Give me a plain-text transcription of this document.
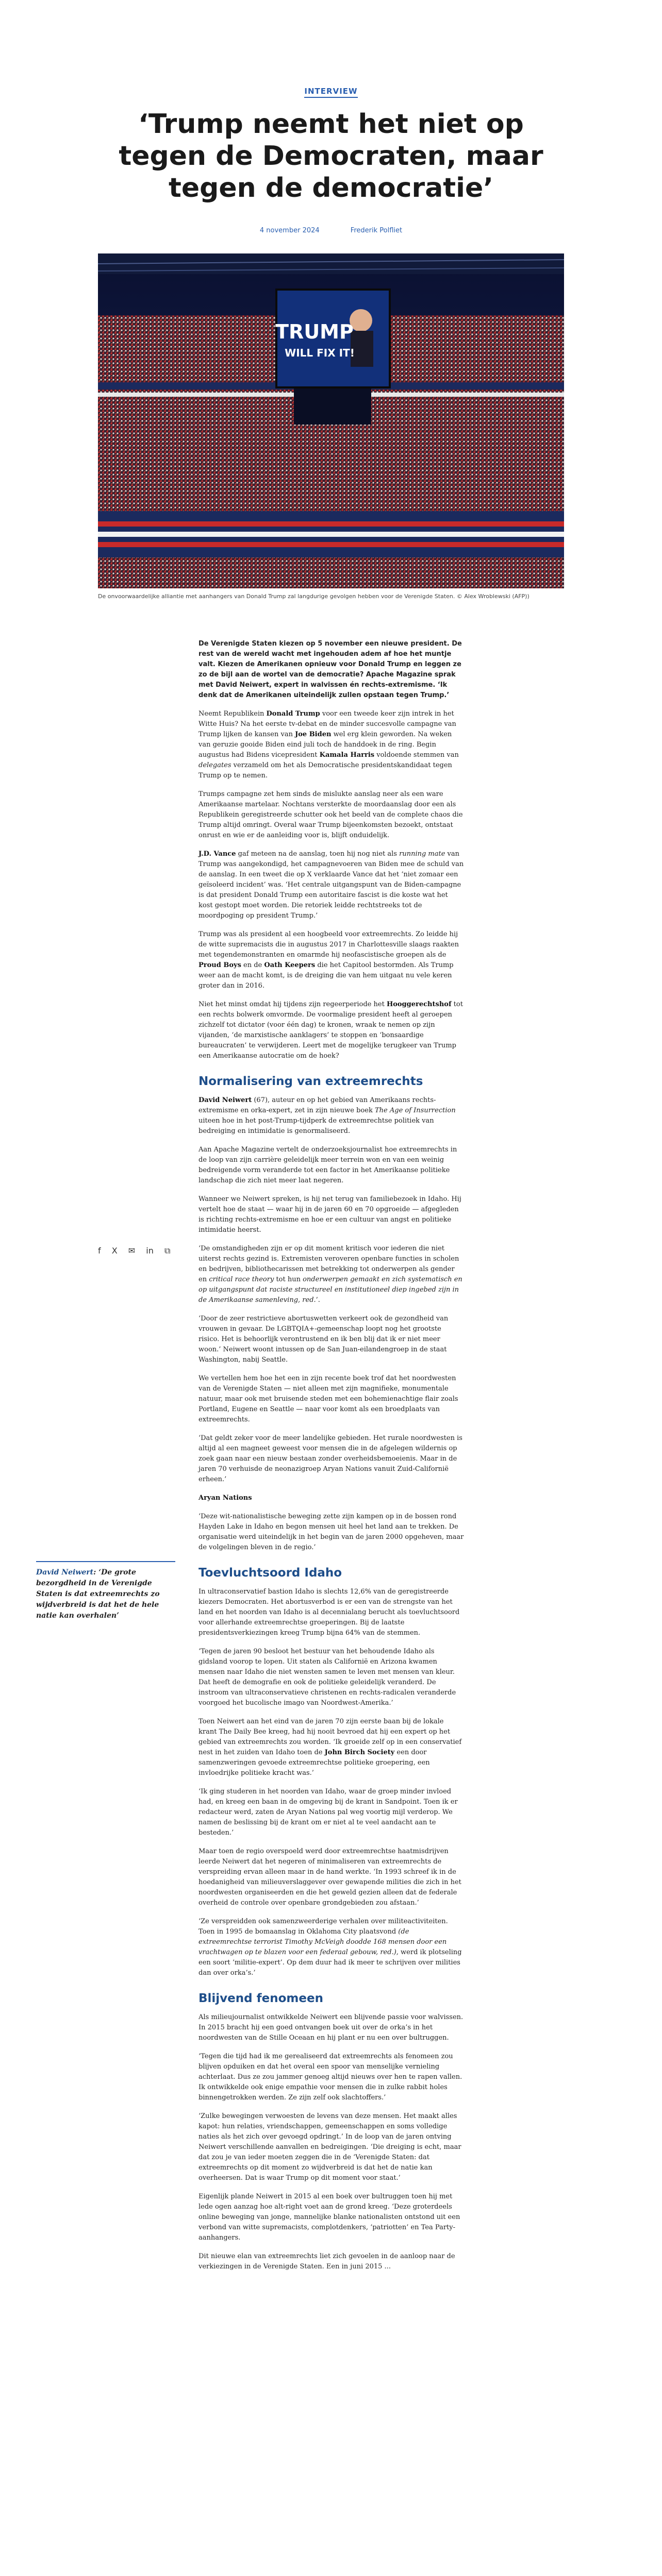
INTERVIEW
‘Trump neemt het niet op tegen de Democraten, maar tegen de democratie’
4 november 2024	Frederik Polfliet
TRUMP
WILL FIX IT!
De onvoorwaardelijke alliantie met aanhangers van Donald Trump zal langdurige gevolgen hebben voor de Verenigde Staten. © Alex Wroblewski (AFP))
f X ✉ in ⧉

De Verenigde Staten kiezen op 5 november een nieuwe president. De rest van de wereld wacht met ingehouden adem af hoe het muntje valt. Kiezen de Amerikanen opnieuw voor Donald Trump en leggen ze zo de bijl aan de wortel van de democratie? Apache Magazine sprak met David Neiwert, expert in walvissen én rechts-extremisme. ‘Ik denk dat de Amerikanen uiteindelijk zullen opstaan tegen Trump.’

Neemt Republikein Donald Trump voor een tweede keer zijn intrek in het Witte Huis? Na het eerste tv-debat en de minder succesvolle campagne van Trump lijken de kansen van Joe Biden wel erg klein geworden. Na weken van geruzie gooide Biden eind juli toch de handdoek in de ring. Begin augustus had Bidens vicepresident Kamala Harris voldoende stemmen van delegates verzameld om het als Democratische presidentskandidaat tegen Trump op te nemen.

Trumps campagne zet hem sinds de mislukte aanslag neer als een ware Amerikaanse martelaar. Nochtans versterkte de moordaanslag door een als Republikein geregistreerde schutter ook het beeld van de complete chaos die Trump altijd omringt. Overal waar Trump bijeenkomsten bezoekt, ontstaat onrust en wie er de aanleiding voor is, blijft onduidelijk.

J.D. Vance gaf meteen na de aanslag, toen hij nog niet als running mate van Trump was aangekondigd, het campagnevoeren van Biden mee de schuld van de aanslag. In een tweet die op X verklaarde Vance dat het ‘niet zomaar een geïsoleerd incident’ was. ‘Het centrale uitgangspunt van de Biden-campagne is dat president Donald Trump een autoritaire fascist is die koste wat het kost gestopt moet worden. Die retoriek leidde rechtstreeks tot de moordpoging op president Trump.’

Trump was als president al een hoogbeeld voor extreemrechts. Zo leidde hij de witte supremacists die in augustus 2017 in Charlottesville slaags raakten met tegendemonstranten en omarmde hij neofascistische groepen als de Proud Boys en de Oath Keepers die het Capitool bestormden. Als Trump weer aan de macht komt, is de dreiging die van hem uitgaat nu vele keren groter dan in 2016.

Niet het minst omdat hij tijdens zijn regeerperiode het Hooggerechtshof tot een rechts bolwerk omvormde. De voormalige president heeft al geroepen zichzelf tot dictator (voor één dag) te kronen, wraak te nemen op zijn vijanden, ‘de marxistische aanklagers’ te stoppen en ‘bonsaardige bureaucraten’ te verwijderen. Leert met de mogelijke terugkeer van Trump een Amerikaanse autocratie om de hoek?

Normalisering van extreemrechts

David Neiwert (67), auteur en op het gebied van Amerikaans rechts-extremisme en orka-expert, zet in zijn nieuwe boek The Age of Insurrection uiteen hoe in het post-Trump-tijdperk de extreemrechtse politiek van bedreiging en intimidatie is genormaliseerd.

Aan Apache Magazine vertelt de onderzoeksjournalist hoe extreemrechts in de loop van zijn carrière geleidelijk meer terrein won en van een weinig bedreigende vorm veranderde tot een factor in het Amerikaanse politieke landschap die zich niet meer laat negeren.

Wanneer we Neiwert spreken, is hij net terug van familiebezoek in Idaho. Hij vertelt hoe de staat — waar hij in de jaren 60 en 70 opgroeide — afgegleden is richting rechts-extremisme en hoe er een cultuur van angst en politieke intimidatie heerst.

‘De omstandigheden zijn er op dit moment kritisch voor iederen die niet uiterst rechts gezind is. Extremisten veroveren openbare functies in scholen en bedrijven, bibliothecarissen met betrekking tot onderwerpen als gender en critical race theory tot hun onderwerpen gemaakt en zich systematisch en op uitgangspunt dat raciste structureel en institutioneel diep ingebed zijn in de Amerikaanse samenleving, red.’.

‘Door de zeer restrictieve abortuswetten verkeert ook de gezondheid van vrouwen in gevaar. De LGBTQIA+-gemeenschap loopt nog het grootste risico. Het is behoorlijk verontrustend en ik ben blij dat ik er niet meer woon.’ Neiwert woont intussen op de San Juan-eilandengroep in de staat Washington, nabij Seattle.

We vertellen hem hoe het een in zijn recente boek trof dat het noordwesten van de Verenigde Staten — niet alleen met zijn magnifieke, monumentale natuur, maar ook met bruisende steden met een bohemienachtige flair zoals Portland, Eugene en Seattle — naar voor komt als een broedplaats van extreemrechts.

‘Dat geldt zeker voor de meer landelijke gebieden. Het rurale noordwesten is altijd al een magneet geweest voor mensen die in de afgelegen wildernis op zoek gaan naar een nieuw bestaan zonder overheidsbemoeienis. Maar in de jaren 70 verhuisde de neonazigroep Aryan Nations vanuit Zuid-Californië erheen.’

Aryan Nations

‘Deze wit-nationalistische beweging zette zijn kampen op in de bossen rond Hayden Lake in Idaho en begon mensen uit heel het land aan te trekken. De organisatie werd uiteindelijk in het begin van de jaren 2000 opgeheven, maar de volgelingen bleven in de regio.’

Toevluchtsoord Idaho

In ultraconservatief bastion Idaho is slechts 12,6% van de geregistreerde kiezers Democraten. Het abortusverbod is er een van de strengste van het land en het noorden van Idaho is al decennialang berucht als toevluchtsoord voor allerhande extreemrechtse groeperingen. Bij de laatste presidentsverkiezingen kreeg Trump bijna 64% van de stemmen.

‘Tegen de jaren 90 besloot het bestuur van het behoudende Idaho als gidsland voorop te lopen. Uit staten als Californië en Arizona kwamen mensen naar Idaho die niet wensten samen te leven met mensen van kleur. Dat heeft de demografie en ook de politieke geleidelijk veranderd. De instroom van ultraconservatieve christenen en rechts-radicalen veranderde voorgoed het bucolische imago van Noordwest-Amerika.’

Toen Neiwert aan het eind van de jaren 70 zijn eerste baan bij de lokale krant The Daily Bee kreeg, had hij nooit bevroed dat hij een expert op het gebied van extreemrechts zou worden. ‘Ik groeide zelf op in een conservatief nest in het zuiden van Idaho toen de John Birch Society een door samenzweringen gevoede extreemrechtse politieke groepering, een invloedrijke politieke kracht was.’

‘Ik ging studeren in het noorden van Idaho, waar de groep minder invloed had, en kreeg een baan in de omgeving bij de krant in Sandpoint. Toen ik er redacteur werd, zaten de Aryan Nations pal weg voortig mijl verderop. We namen de beslissing bij de krant om er niet al te veel aandacht aan te besteden.’

Maar toen de regio overspoeld werd door extreemrechtse haatmisdrijven leerde Neiwert dat het negeren of minimaliseren van extreemrechts de verspreiding ervan alleen maar in de hand werkte. ‘In 1993 schreef ik in de hoedanigheid van milieuverslaggever over gewapende milities die zich in het noordwesten organiseerden en die het geweld gezien alleen dat de federale overheid de controle over openbare grondgebieden zou afstaan.’

‘Ze verspreidden ook samenzweerderige verhalen over militeactiviteiten. Toen in 1995 de bomaanslag in Oklahoma City plaatsvond (de extreemrechtse terrorist Timothy McVeigh doodde 168 mensen door een vrachtwagen op te blazen voor een federaal gebouw, red.), werd ik plotseling een soort ‘militie-expert’. Op dem duur had ik meer te schrijven over milities dan over orka’s.’

Blijvend fenomeen

Als milieujournalist ontwikkelde Neiwert een blijvende passie voor walvissen. In 2015 bracht hij een goed ontvangen boek uit over de orka’s in het noordwesten van de Stille Oceaan en hij plant er nu een over bultruggen.

‘Tegen die tijd had ik me gerealiseerd dat extreemrechts als fenomeen zou blijven opduiken en dat het overal een spoor van menselijke vernieling achterlaat. Dus ze zou jammer genoeg altijd nieuws over hen te rapen vallen. Ik ontwikkelde ook enige empathie voor mensen die in zulke rabbit holes binnengetrokken werden. Ze zijn zelf ook slachtoffers.’

‘Zulke bewegingen verwoesten de levens van deze mensen. Het maakt alles kapot: hun relaties, vriendschappen, gemeenschappen en soms volledige naties als het zich over gevoegd opdringt.’ In de loop van de jaren ontving Neiwert verschillende aanvallen en bedreigingen. ‘Die dreiging is echt, maar dat zou je van ieder moeten zeggen die in de ‘Verenigde Staten: dat extreemrechts op dit moment zo wijdverbreid is dat het de natie kan overheersen. Dat is waar Trump op dit moment voor staat.’

Eigenlijk plande Neiwert in 2015 al een boek over bultruggen toen hij met lede ogen aanzag hoe alt-right voet aan de grond kreeg. ‘Deze groterdeels online beweging van jonge, mannelijke blanke nationalisten ontstond uit een verbond van witte supremacists, complotdenkers, ‘patriotten’ en Tea Party-aanhangers.

Dit nieuwe elan van extreemrechts liet zich gevoelen in de aanloop naar de verkiezingen in de Verenigde Staten. Een in juni 2015 ...

David Neiwert: ‘De grote bezorgdheid in de Verenigde Staten is dat extreemrechts zo wijdverbreid is dat het de hele natie kan overhalen’
